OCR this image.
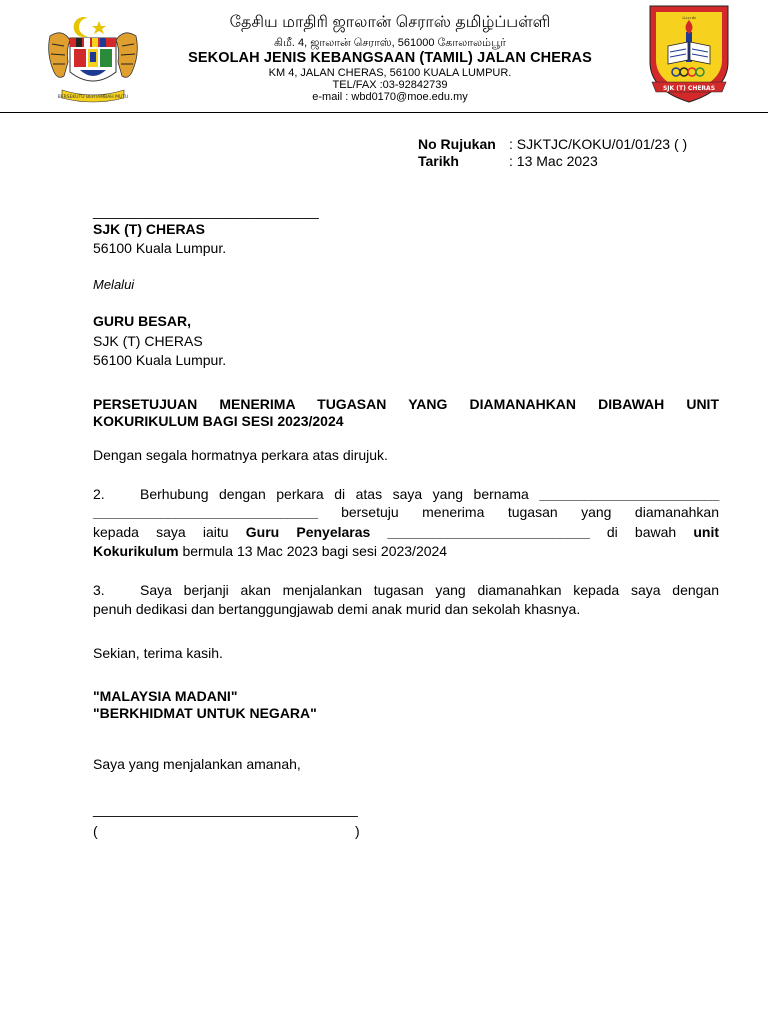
BERSEKUTU BERTAMBAH MUTU
தேசிய மாதிரி ஜாலான் செராஸ் தமிழ்ப்பள்ளி
கிமீ. 4, ஜாலான் செராஸ், 561000 கோலாலம்பூர்
SEKOLAH JENIS KEBANGSAAN (TAMIL) JALAN CHERAS
KM 4, JALAN CHERAS, 56100 KUALA LUMPUR.
TEL/FAX :03-92842739
e-mail : wbd0170@moe.edu.my
செராஸ்
SJK (T) CHERAS
No Rujukan : SJKTJC/KOKU/01/01/23 ( )
Tarikh	: 13 Mac 2023
_____________________________
SJK (T) CHERAS
56100 Kuala Lumpur.
Melalui
GURU BESAR,
SJK (T) CHERAS
56100 Kuala Lumpur.
PERSETUJUAN MENERIMA TUGASAN YANG DIAMANAHKAN DIBAWAH UNIT
KOKURIKULUM BAGI SESI 2023/2024
Dengan segala hormatnya perkara atas dirujuk.
2.	Berhubung dengan perkara di atas saya yang bernama ________________________
______________________________ bersetuju menerima tugasan yang diamanahkan
kepada saya iaitu Guru Penyelaras ___________________________ di bawah unit
Kokurikulum bermula 13 Mac 2023 bagi sesi 2023/2024
3.	Saya berjanji akan menjalankan tugasan yang diamanahkan kepada saya dengan
penuh dedikasi dan bertanggungjawab demi anak murid dan sekolah khasnya.
Sekian, terima kasih.
"MALAYSIA MADANI"
"BERKHIDMAT UNTUK NEGARA"
Saya yang menjalankan amanah,
__________________________________
(	)
